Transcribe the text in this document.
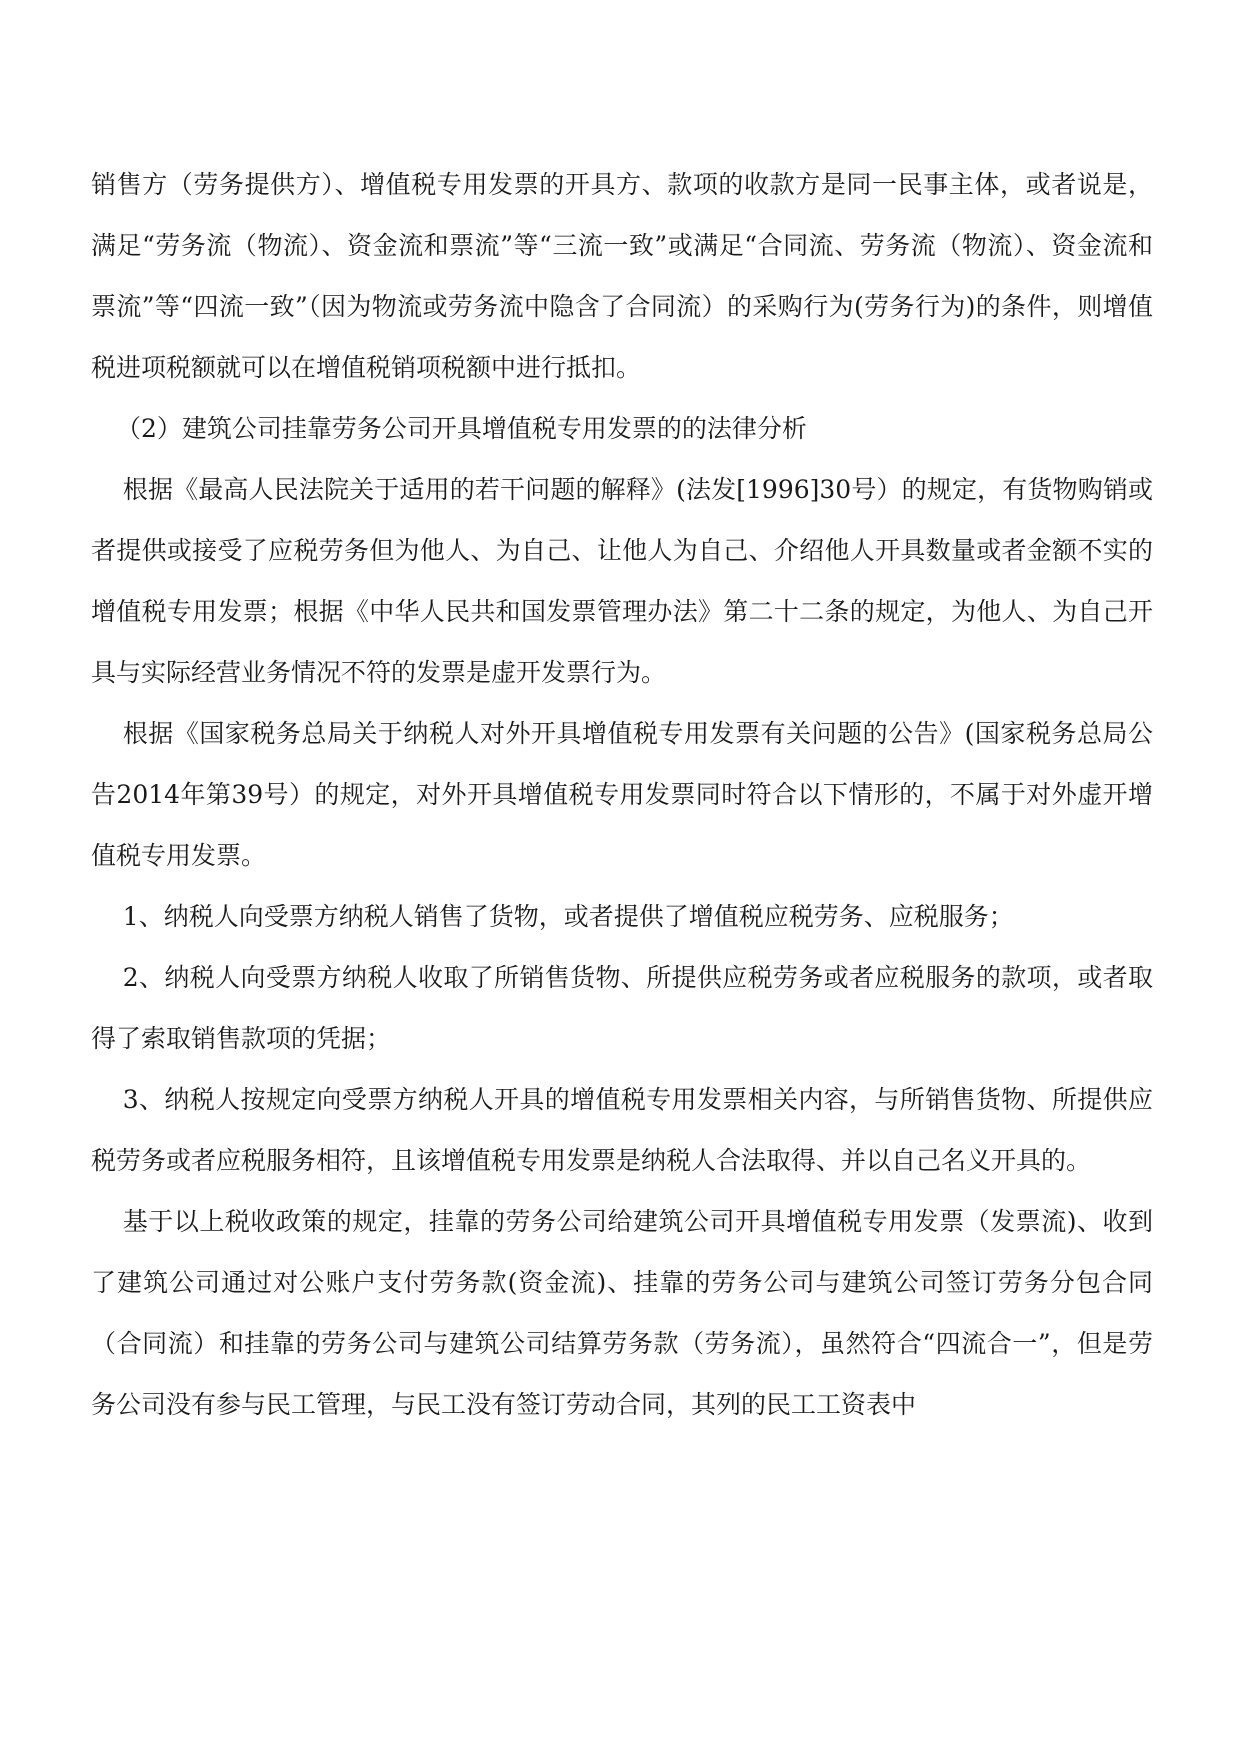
销售方（劳务提供方）、增值税专用发票的开具方、款项的收款方是同一民事主体，或者说是，满足“劳务流（物流）、资金流和票流”等“三流一致”或满足“合同流、劳务流（物流）、资金流和票流”等“四流一致”（因为物流或劳务流中隐含了合同流）的采购行为(劳务行为)的条件，则增值税进项税额就可以在增值税销项税额中进行抵扣。

（2）建筑公司挂靠劳务公司开具增值税专用发票的的法律分析

根据《最高人民法院关于适用的若干问题的解释》(法发[1996]30号）的规定，有货物购销或者提供或接受了应税劳务但为他人、为自己、让他人为自己、介绍他人开具数量或者金额不实的增值税专用发票；根据《中华人民共和国发票管理办法》第二十二条的规定，为他人、为自己开具与实际经营业务情况不符的发票是虚开发票行为。

根据《国家税务总局关于纳税人对外开具增值税专用发票有关问题的公告》(国家税务总局公告2014年第39号）的规定，对外开具增值税专用发票同时符合以下情形的，不属于对外虚开增值税专用发票。

1、纳税人向受票方纳税人销售了货物，或者提供了增值税应税劳务、应税服务；

2、纳税人向受票方纳税人收取了所销售货物、所提供应税劳务或者应税服务的款项，或者取得了索取销售款项的凭据；

3、纳税人按规定向受票方纳税人开具的增值税专用发票相关内容，与所销售货物、所提供应税劳务或者应税服务相符，且该增值税专用发票是纳税人合法取得、并以自己名义开具的。

基于以上税收政策的规定，挂靠的劳务公司给建筑公司开具增值税专用发票（发票流)、收到了建筑公司通过对公账户支付劳务款(资金流)、挂靠的劳务公司与建筑公司签订劳务分包合同（合同流）和挂靠的劳务公司与建筑公司结算劳务款（劳务流），虽然符合“四流合一”，但是劳务公司没有参与民工管理，与民工没有签订劳动合同，其列的民工工资表中
